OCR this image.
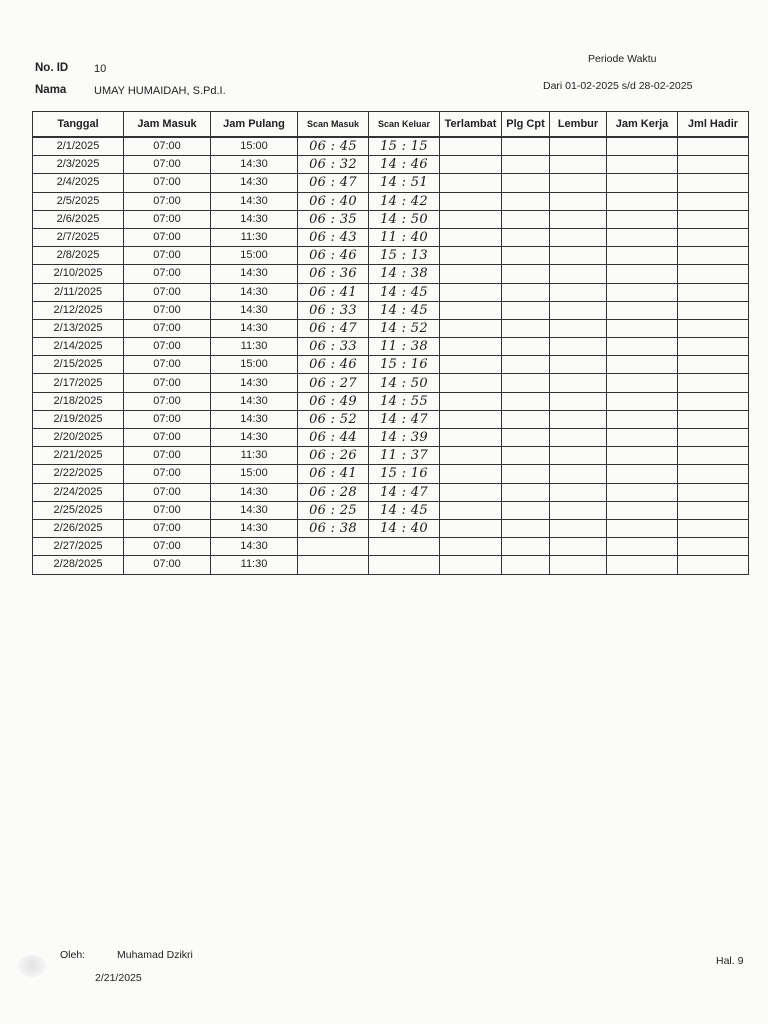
No. ID 10
Nama	UMAY HUMAIDAH, S.Pd.I.
Periode Waktu
Dari 01-02-2025 s/d 28-02-2025
Tanggal	Jam Masuk	Jam Pulang	Scan Masuk	Scan Keluar	Terlambat	Plg Cpt	Lembur	Jam Kerja	Jml Hadir
2/1/2025	07:00	15:00	06 : 45	15 : 15					
2/3/2025	07:00	14:30	06 : 32	14 : 46					
2/4/2025	07:00	14:30	06 : 47	14 : 51					
2/5/2025	07:00	14:30	06 : 40	14 : 42					
2/6/2025	07:00	14:30	06 : 35	14 : 50					
2/7/2025	07:00	11:30	06 : 43	11 : 40					
2/8/2025	07:00	15:00	06 : 46	15 : 13					
2/10/2025	07:00	14:30	06 : 36	14 : 38					
2/11/2025	07:00	14:30	06 : 41	14 : 45					
2/12/2025	07:00	14:30	06 : 33	14 : 45					
2/13/2025	07:00	14:30	06 : 47	14 : 52					
2/14/2025	07:00	11:30	06 : 33	11 : 38					
2/15/2025	07:00	15:00	06 : 46	15 : 16					
2/17/2025	07:00	14:30	06 : 27	14 : 50					
2/18/2025	07:00	14:30	06 : 49	14 : 55					
2/19/2025	07:00	14:30	06 : 52	14 : 47					
2/20/2025	07:00	14:30	06 : 44	14 : 39					
2/21/2025	07:00	11:30	06 : 26	11 : 37					
2/22/2025	07:00	15:00	06 : 41	15 : 16					
2/24/2025	07:00	14:30	06 : 28	14 : 47					
2/25/2025	07:00	14:30	06 : 25	14 : 45					
2/26/2025	07:00	14:30	06 : 38	14 : 40					
2/27/2025	07:00	14:30							
2/28/2025	07:00	11:30							
Oleh:	Muhamad Dzikri
2/21/2025
Hal. 9
